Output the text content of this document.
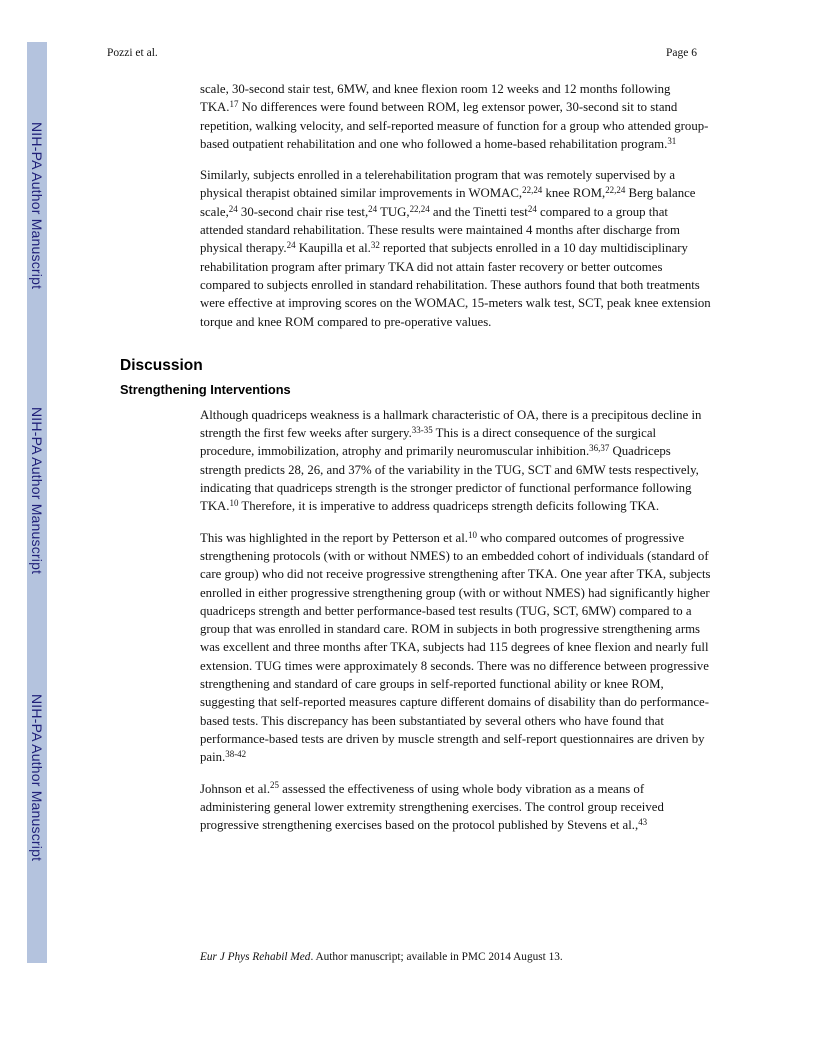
NIH-PA Author Manuscript
NIH-PA Author Manuscript
NIH-PA Author Manuscript
Pozzi et al.	Page 6

scale, 30-second stair test, 6MW, and knee flexion room 12 weeks and 12 months following TKA.$^{17}$ No differences were found between ROM, leg extensor power, 30-second sit to stand repetition, walking velocity, and self-reported measure of function for a group who attended group-based outpatient rehabilitation and one who followed a home-based rehabilitation program.$^{31}$

Similarly, subjects enrolled in a telerehabilitation program that was remotely supervised by a physical therapist obtained similar improvements in WOMAC,$^{22,24}$ knee ROM,$^{22,24}$ Berg balance scale,$^{24}$ 30-second chair rise test,$^{24}$ TUG,$^{22,24}$ and the Tinetti test$^{24}$ compared to a group that attended standard rehabilitation. These results were maintained 4 months after discharge from physical therapy.$^{24}$ Kaupilla et al.$^{32}$ reported that subjects enrolled in a 10 day multidisciplinary rehabilitation program after primary TKA did not attain faster recovery or better outcomes compared to subjects enrolled in standard rehabilitation. These authors found that both treatments were effective at improving scores on the WOMAC, 15-meters walk test, SCT, peak knee extension torque and knee ROM compared to pre-operative values.

Discussion
Strengthening Interventions

Although quadriceps weakness is a hallmark characteristic of OA, there is a precipitous decline in strength the first few weeks after surgery.$^{33-35}$ This is a direct consequence of the surgical procedure, immobilization, atrophy and primarily neuromuscular inhibition.$^{36,37}$ Quadriceps strength predicts 28, 26, and 37% of the variability in the TUG, SCT and 6MW tests respectively, indicating that quadriceps strength is the stronger predictor of functional performance following TKA.$^{10}$ Therefore, it is imperative to address quadriceps strength deficits following TKA.

This was highlighted in the report by Petterson et al.$^{10}$ who compared outcomes of progressive strengthening protocols (with or without NMES) to an embedded cohort of individuals (standard of care group) who did not receive progressive strengthening after TKA. One year after TKA, subjects enrolled in either progressive strengthening group (with or without NMES) had significantly higher quadriceps strength and better performance-based test results (TUG, SCT, 6MW) compared to a group that was enrolled in standard care. ROM in subjects in both progressive strengthening arms was excellent and three months after TKA, subjects had 115 degrees of knee flexion and nearly full extension. TUG times were approximately 8 seconds. There was no difference between progressive strengthening and standard of care groups in self-reported functional ability or knee ROM, suggesting that self-reported measures capture different domains of disability than do performance-based tests. This discrepancy has been substantiated by several others who have found that performance-based tests are driven by muscle strength and self-report questionnaires are driven by pain.$^{38-42}$

Johnson et al.$^{25}$ assessed the effectiveness of using whole body vibration as a means of administering general lower extremity strengthening exercises. The control group received progressive strengthening exercises based on the protocol published by Stevens et al.,$^{43}$

Eur J Phys Rehabil Med. Author manuscript; available in PMC 2014 August 13.
